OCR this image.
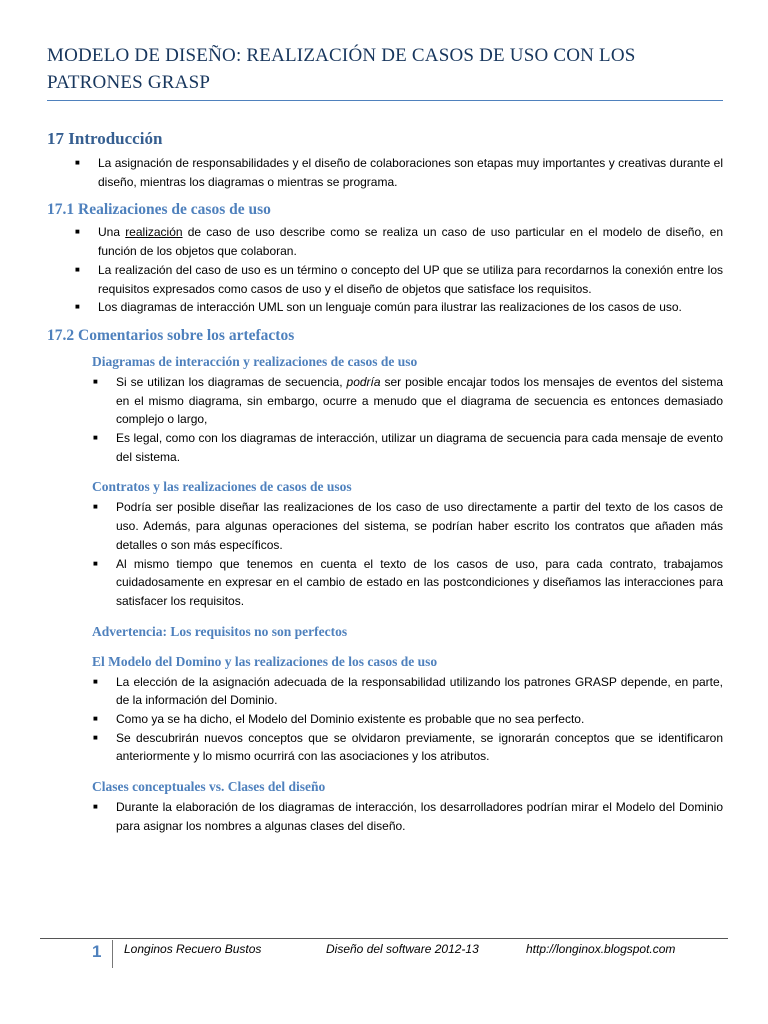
MODELO DE DISEÑO: REALIZACIÓN DE CASOS DE USO CON LOS PATRONES GRASP
17 Introducción
■ La asignación de responsabilidades y el diseño de colaboraciones son etapas muy importantes y creativas durante el diseño, mientras los diagramas o mientras se programa.
17.1 Realizaciones de casos de uso
■ Una realización de caso de uso describe como se realiza un caso de uso particular en el modelo de diseño, en función de los objetos que colaboran.
■ La realización del caso de uso es un término o concepto del UP que se utiliza para recordarnos la conexión entre los requisitos expresados como casos de uso y el diseño de objetos que satisface los requisitos.
■ Los diagramas de interacción UML son un lenguaje común para ilustrar las realizaciones de los casos de uso.
17.2 Comentarios sobre los artefactos
Diagramas de interacción y realizaciones de casos de uso
■ Si se utilizan los diagramas de secuencia, podría ser posible encajar todos los mensajes de eventos del sistema en el mismo diagrama, sin embargo, ocurre a menudo que el diagrama de secuencia es entonces demasiado complejo o largo,
■ Es legal, como con los diagramas de interacción, utilizar un diagrama de secuencia para cada mensaje de evento del sistema.
Contratos y las realizaciones de casos de usos
■ Podría ser posible diseñar las realizaciones de los caso de uso directamente a partir del texto de los casos de uso. Además, para algunas operaciones del sistema, se podrían haber escrito los contratos que añaden más detalles o son más específicos.
■ Al mismo tiempo que tenemos en cuenta el texto de los casos de uso, para cada contrato, trabajamos cuidadosamente en expresar en el cambio de estado en las postcondiciones y diseñamos las interacciones para satisfacer los requisitos.
Advertencia: Los requisitos no son perfectos
El Modelo del Domino y las realizaciones de los casos de uso
■ La elección de la asignación adecuada de la responsabilidad utilizando los patrones GRASP depende, en parte, de la información del Dominio.
■ Como ya se ha dicho, el Modelo del Dominio existente es probable que no sea perfecto.
■ Se descubrirán nuevos conceptos que se olvidaron previamente, se ignorarán conceptos que se identificaron anteriormente y lo mismo ocurrirá con las asociaciones y los atributos.
Clases conceptuales vs. Clases del diseño
■ Durante la elaboración de los diagramas de interacción, los desarrolladores podrían mirar el Modelo del Dominio para asignar los nombres a algunas clases del diseño.
1 Longinos Recuero Bustos	Diseño del software 2012-13	http://longinox.blogspot.com
